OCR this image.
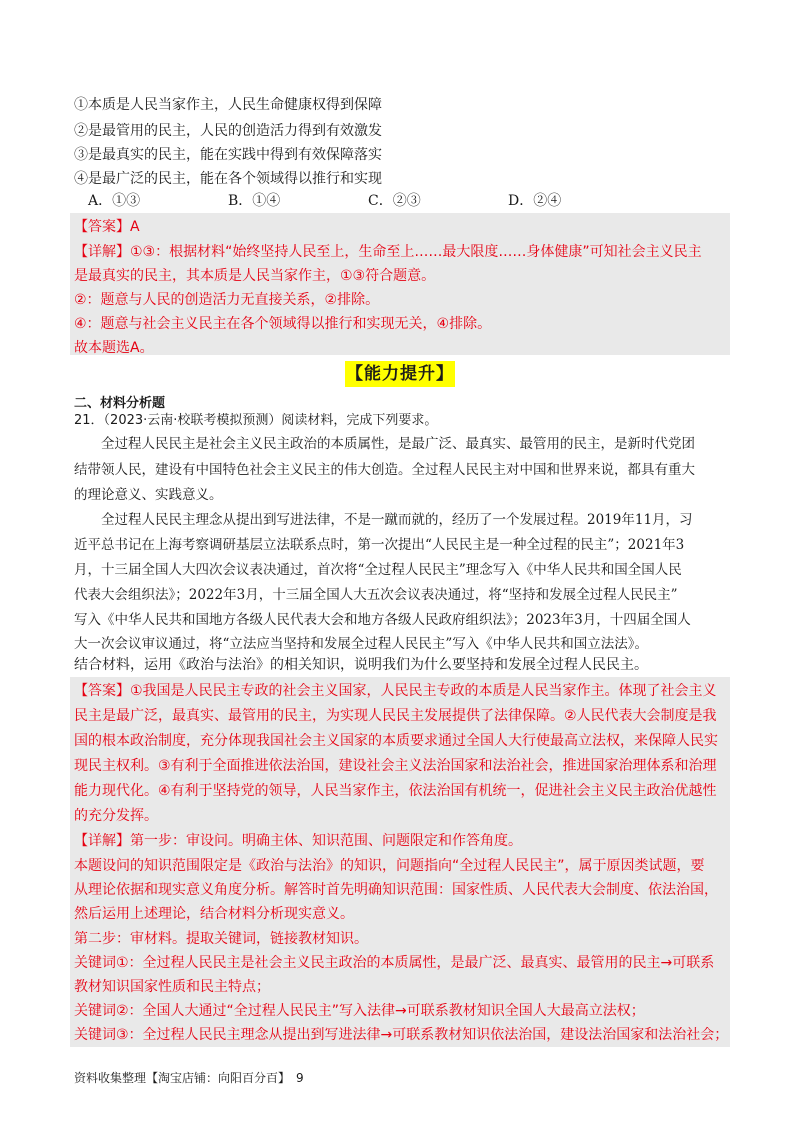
①本质是人民当家作主，人民生命健康权得到保障
②是最管用的民主，人民的创造活力得到有效激发
③是最真实的民主，能在实践中得到有效保障落实
④是最广泛的民主，能在各个领域得以推行和实现
A．①③	B．①④	C．②③	D．②④
【答案】A
【详解】①③：根据材料“始终坚持人民至上，生命至上……最大限度……身体健康”可知社会主义民主
是最真实的民主，其本质是人民当家作主，①③符合题意。
②：题意与人民的创造活力无直接关系，②排除。
④：题意与社会主义民主在各个领域得以推行和实现无关，④排除。
故本题选A。
【能力提升】
二、材料分析题
21．（2023·云南·校联考模拟预测）阅读材料，完成下列要求。
　　全过程人民民主是社会主义民主政治的本质属性，是最广泛、最真实、最管用的民主，是新时代党团
结带领人民，建设有中国特色社会主义民主的伟大创造。全过程人民民主对中国和世界来说，都具有重大
的理论意义、实践意义。
　　全过程人民民主理念从提出到写进法律，不是一蹴而就的，经历了一个发展过程。2019年11月，习
近平总书记在上海考察调研基层立法联系点时，第一次提出“人民民主是一种全过程的民主”；2021年3
月，十三届全国人大四次会议表决通过，首次将“全过程人民民主”理念写入《中华人民共和国全国人民
代表大会组织法》；2022年3月，十三届全国人大五次会议表决通过，将“坚持和发展全过程人民民主”
写入《中华人民共和国地方各级人民代表大会和地方各级人民政府组织法》；2023年3月，十四届全国人
大一次会议审议通过，将“立法应当坚持和发展全过程人民民主”写入《中华人民共和国立法法》。
结合材料，运用《政治与法治》的相关知识，说明我们为什么要坚持和发展全过程人民民主。
【答案】①我国是人民民主专政的社会主义国家，人民民主专政的本质是人民当家作主。体现了社会主义
民主是最广泛，最真实、最管用的民主，为实现人民民主发展提供了法律保障。②人民代表大会制度是我
国的根本政治制度，充分体现我国社会主义国家的本质要求通过全国人大行使最高立法权，来保障人民实
现民主权利。③有利于全面推进依法治国，建设社会主义法治国家和法治社会，推进国家治理体系和治理
能力现代化。④有利于坚持党的领导，人民当家作主，依法治国有机统一，促进社会主义民主政治优越性
的充分发挥。
【详解】第一步：审设问。明确主体、知识范围、问题限定和作答角度。
本题设问的知识范围限定是《政治与法治》的知识，问题指向“全过程人民民主”，属于原因类试题，要
从理论依据和现实意义角度分析。解答时首先明确知识范围：国家性质、人民代表大会制度、依法治国，
然后运用上述理论，结合材料分析现实意义。
第二步：审材料。提取关键词，链接教材知识。
关键词①：全过程人民民主是社会主义民主政治的本质属性，是最广泛、最真实、最管用的民主→可联系
教材知识国家性质和民主特点；
关键词②：全国人大通过“全过程人民民主”写入法律→可联系教材知识全国人大最高立法权；
关键词③：全过程人民民主理念从提出到写进法律→可联系教材知识依法治国，建设法治国家和法治社会；
资料收集整理【淘宝店铺：向阳百分百】　9
